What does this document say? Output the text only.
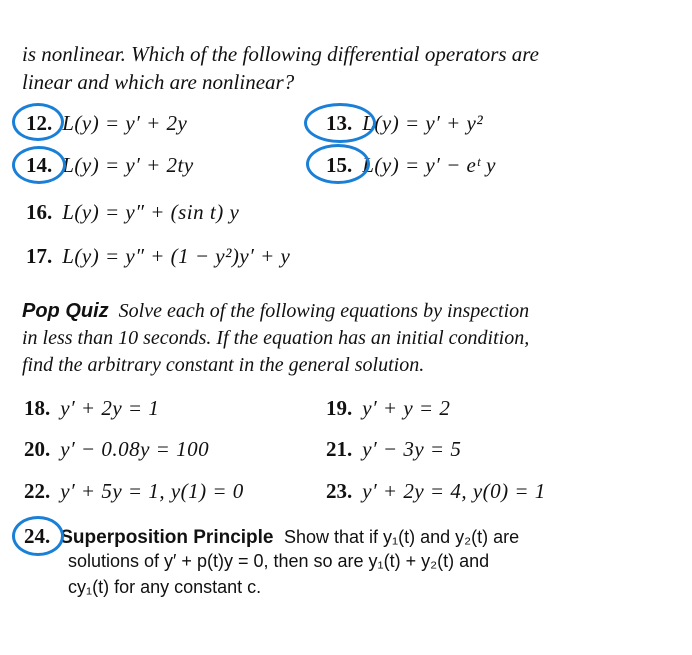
is nonlinear. Which of the following differential operators are
linear and which are nonlinear?
12. L(y) = y′ + 2y	13. L(y) = y′ + y²
14. L(y) = y′ + 2ty	15. L(y) = y′ − eᵗ y
16. L(y) = y″ + (sin t) y
17. L(y) = y″ + (1 − y²)y′ + y
Pop Quiz Solve each of the following equations by inspection
in less than 10 seconds. If the equation has an initial condition,
find the arbitrary constant in the general solution.
18. y′ + 2y = 1	19. y′ + y = 2
20. y′ − 0.08y = 100	21. y′ − 3y = 5
22. y′ + 5y = 1, y(1) = 0	23. y′ + 2y = 4, y(0) = 1
24. Superposition Principle Show that if y₁(t) and y₂(t) are
solutions of y′ + p(t)y = 0, then so are y₁(t) + y₂(t) and
cy₁(t) for any constant c.
